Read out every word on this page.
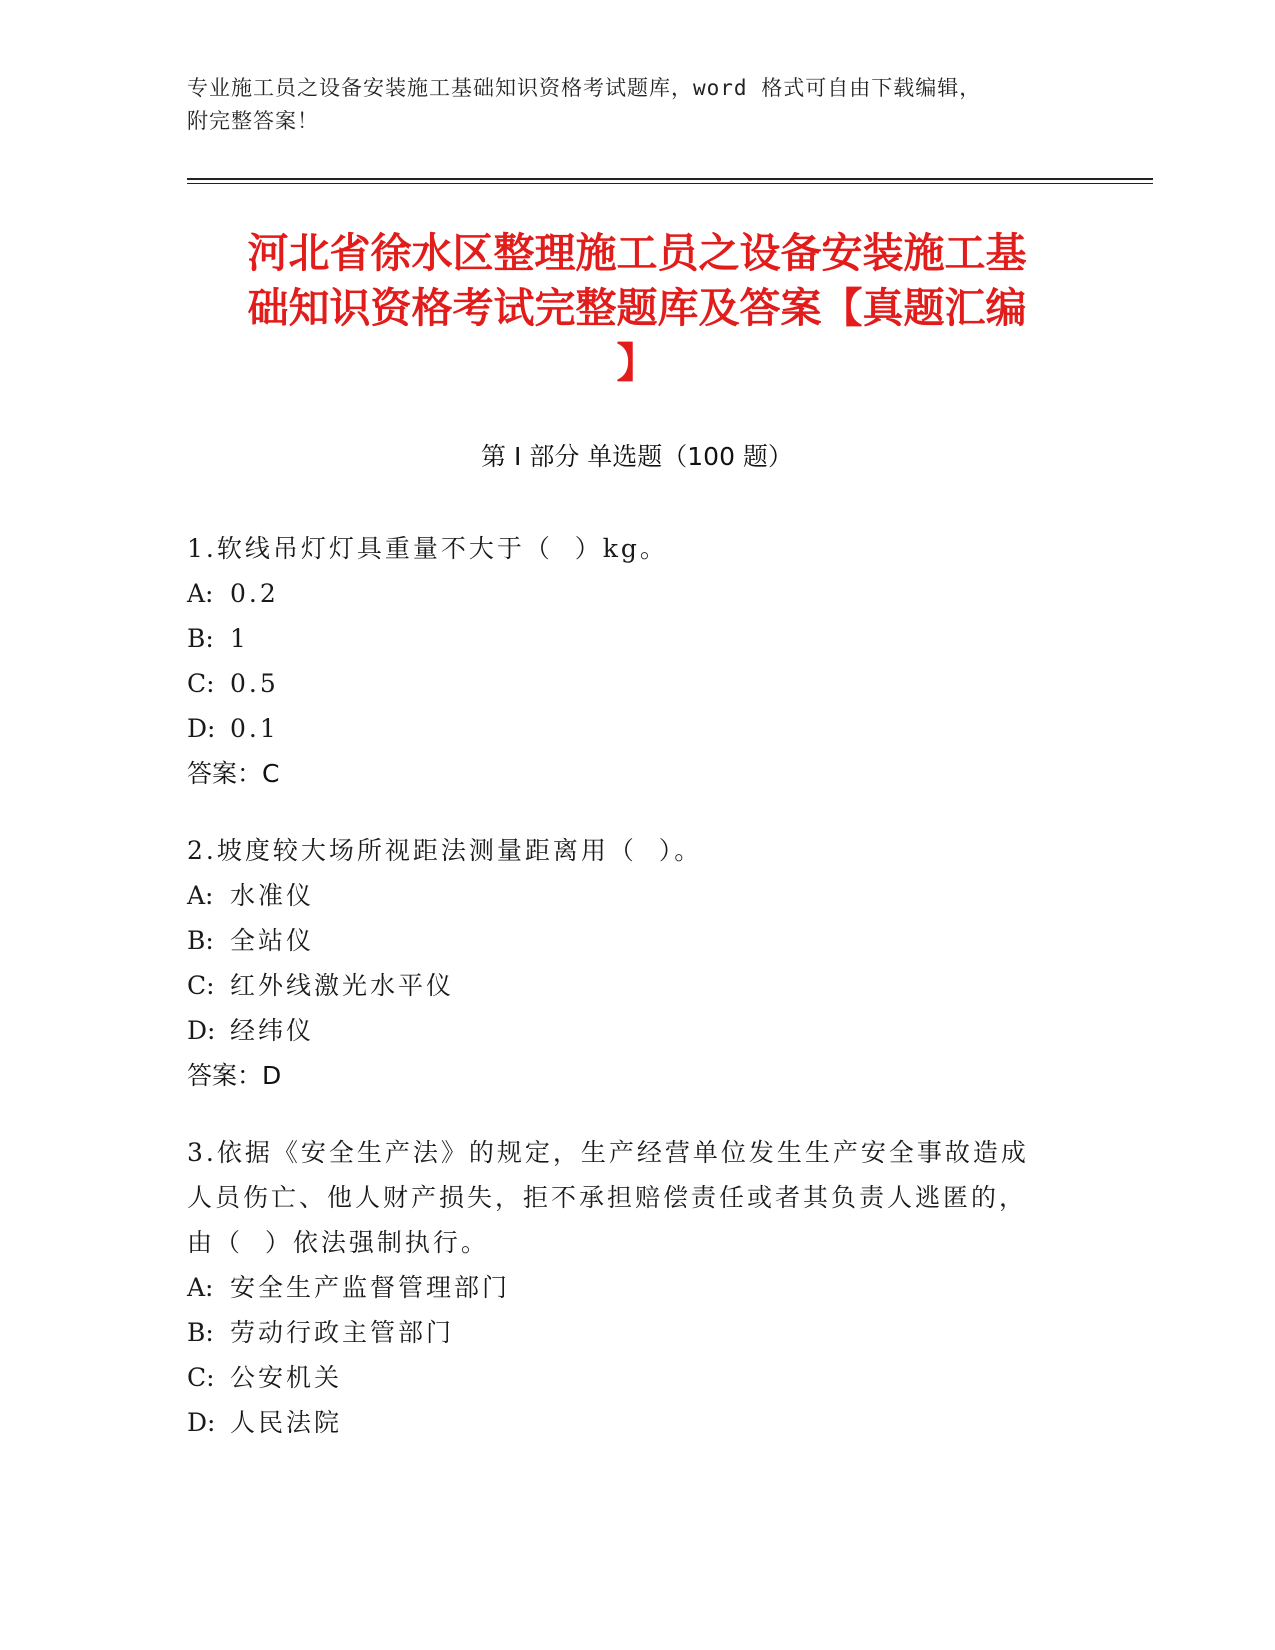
专业施工员之设备安装施工基础知识资格考试题库，word 格式可自由下载编辑，
附完整答案！
河北省徐水区整理施工员之设备安装施工基
础知识资格考试完整题库及答案【真题汇编
】
第 I 部分 单选题（100 题）
1.软线吊灯灯具重量不大于（  ）kg。
A: 0.2
B: 1
C: 0.5
D: 0.1
答案：C
2.坡度较大场所视距法测量距离用（  ）。
A: 水准仪
B: 全站仪
C: 红外线激光水平仪
D: 经纬仪
答案：D
3.依据《安全生产法》的规定，生产经营单位发生生产安全事故造成
人员伤亡、他人财产损失，拒不承担赔偿责任或者其负责人逃匿的，
由（  ）依法强制执行。
A: 安全生产监督管理部门
B: 劳动行政主管部门
C: 公安机关
D: 人民法院
